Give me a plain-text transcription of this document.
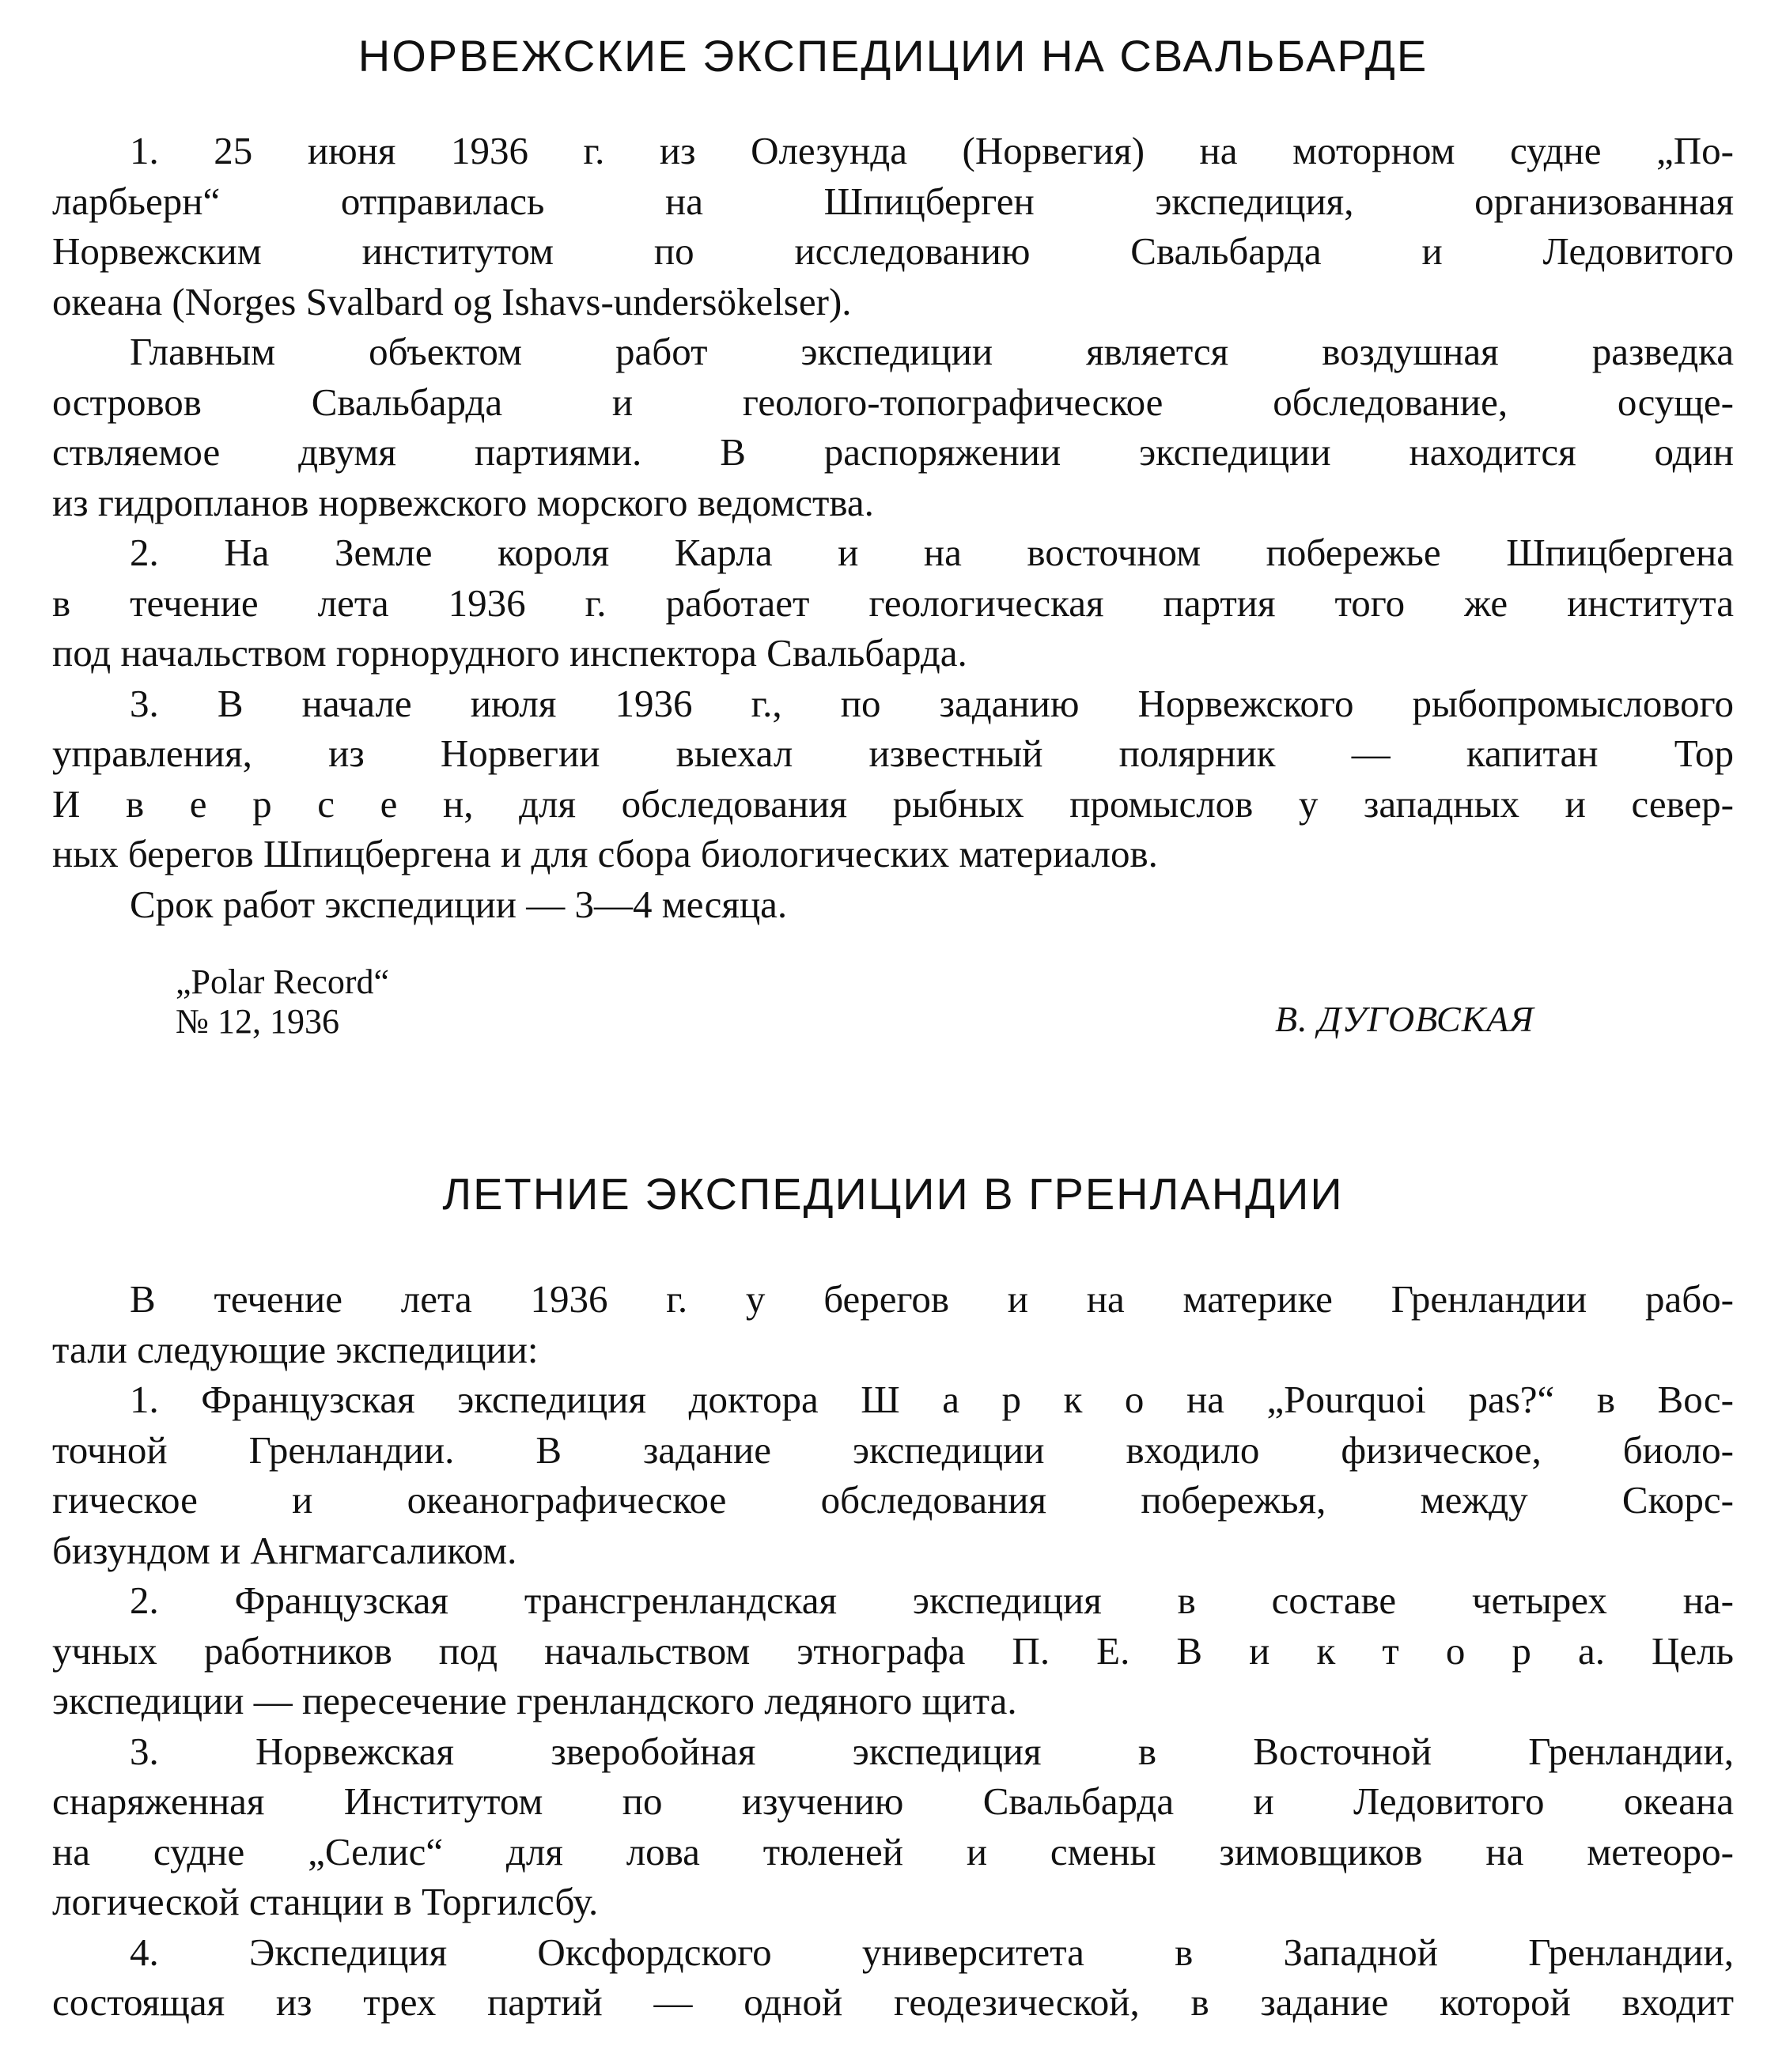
НОРВЕЖСКИЕ ЭКСПЕДИЦИИ НА СВАЛЬБАРДЕ
1. 25 июня 1936 г. из Олезунда (Норвегия) на моторном судне „По-
ларбьерн“ отправилась на Шпицберген экспедиция, организованная
Норвежским институтом по исследованию Свальбарда и Ледовитого
океана (Norges Svalbard og Ishavs-undersökelser).
Главным объектом работ экспедиции является воздушная разведка
островов Свальбарда и геолого-топографическое обследование, осуще-
ствляемое двумя партиями. В распоряжении экспедиции находится один
из гидропланов норвежского морского ведомства.
2. На Земле короля Карла и на восточном побережье Шпицбергена
в течение лета 1936 г. работает геологическая партия того же института
под начальством горнорудного инспектора Свальбарда.
3. В начале июля 1936 г., по заданию Норвежского рыбопромыслового
управления, из Норвегии выехал известный полярник — капитан Тор
И в е р с е н, для обследования рыбных промыслов у западных и север-
ных берегов Шпицбергена и для сбора биологических материалов.
Срок работ экспедиции — 3—4 месяца.
„Polar Record“
№ 12, 1936	В. ДУГОВСКАЯ
ЛЕТНИЕ ЭКСПЕДИЦИИ В ГРЕНЛАНДИИ
В течение лета 1936 г. у берегов и на материке Гренландии рабо-
тали следующие экспедиции:
1. Французская экспедиция доктора Ш а р к о на „Pourquoi pas?“ в Вос-
точной Гренландии. В задание экспедиции входило физическое, биоло-
гическое и океанографическое обследования побережья, между Скорс-
бизундом и Ангмагсаликом.
2. Французская трансгренландская экспедиция в составе четырех на-
учных работников под начальством этнографа П. Е. В и к т о р а. Цель
экспедиции — пересечение гренландского ледяного щита.
3. Норвежская зверобойная экспедиция в Восточной Гренландии,
снаряженная Институтом по изучению Свальбарда и Ледовитого океана
на судне „Селис“ для лова тюленей и смены зимовщиков на метеоро-
логической станции в Торгилсбу.
4. Экспедиция Оксфордского университета в Западной Гренландии,
состоящая из трех партий — одной геодезической, в задание которой входит
